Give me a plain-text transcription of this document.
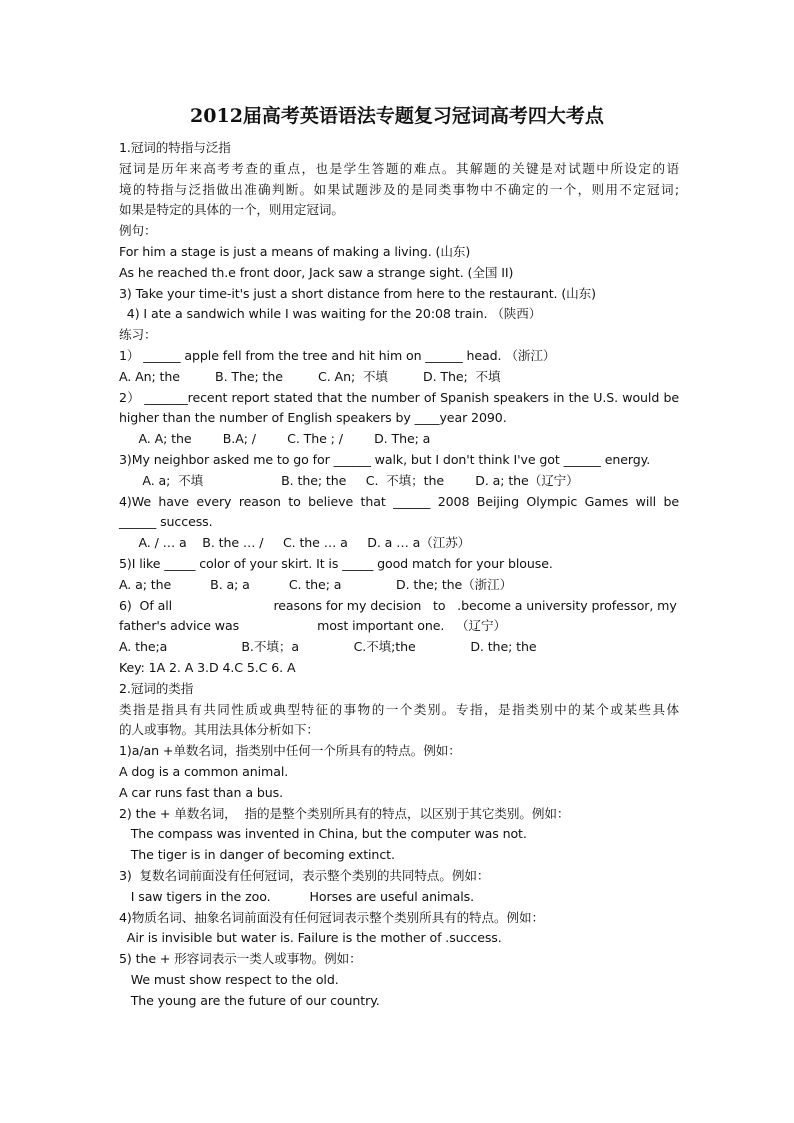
2012届高考英语语法专题复习冠词高考四大考点
1.冠词的特指与泛指
冠词是历年来高考考查的重点，也是学生答题的难点。其解题的关键是对试题中所设定的语
境的特指与泛指做出准确判断。如果试题涉及的是同类事物中不确定的一个，则用不定冠词;
如果是特定的具体的一个，则用定冠词。
例句：
For him a stage is just a means of making a living. (山东)
As he reached th.e front door, Jack saw a strange sight. (全国 II)
3) Take your time-it's just a short distance from here to the restaurant. (山东)
4) I ate a sandwich while I was waiting for the 20:08 train. （陕西）
练习：
1） ______ apple fell from the tree and hit him on ______ head. （浙江）
A. An; the         B. The; the         C. An;  不填         D. The;  不填
2） _______recent report stated that the number of Spanish speakers in the U.S. would be
higher than the number of English speakers by ____year 2090.
A. A; the        B.A; /        C. The ; /        D. The; a
3)My neighbor asked me to go for ______ walk, but I don't think I've got ______ energy.
A. a;  不填                    B. the; the     C.  不填；the        D. a; the（辽宁）
4)We have every reason to believe that ______ 2008 Beijing Olympic Games will be
______ success.
A. / … a    B. the … /     C. the … a     D. a … a（江苏）
5)I like _____ color of your skirt. It is _____ good match for your blouse.
A. a; the          B. a; a          C. the; a              D. the; the（浙江）
6)  Of all                          reasons for my decision   to   .become a university professor, my
father's advice was                    most important one.   （辽宁）
A. the;a                   B.不填；a              C.不填;the              D. the; the
Key: 1A 2. A 3.D 4.C 5.C 6. A
2.冠词的类指
类指是指具有共同性质或典型特征的事物的一个类别。专指，是指类别中的某个或某些具体
的人或事物。其用法具体分析如下：
1)a/an +单数名词，指类别中任何一个所具有的特点。例如：
A dog is a common animal.
A car runs fast than a bus.
2) the + 单数名词，  指的是整个类别所具有的特点，以区别于其它类别。例如：
The compass was invented in China, but the computer was not.
The tiger is in danger of becoming extinct.
3)  复数名词前面没有任何冠词，表示整个类别的共同特点。例如：
I saw tigers in the zoo.          Horses are useful animals.
4)物质名词、抽象名词前面没有任何冠词表示整个类别所具有的特点。例如：
Air is invisible but water is. Failure is the mother of .success.
5) the + 形容词表示一类人或事物。例如：
We must show respect to the old.
The young are the future of our country.
